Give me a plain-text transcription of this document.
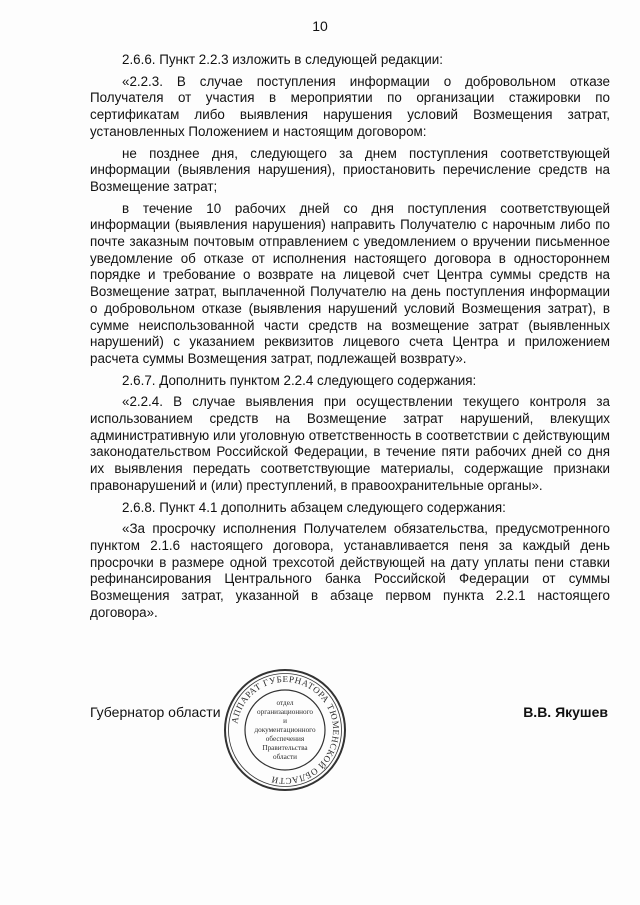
10

2.6.6. Пункт 2.2.3 изложить в следующей редакции:

«2.2.3. В случае поступления информации о добровольном отказе Получателя от участия в мероприятии по организации стажировки по сертификатам либо выявления нарушения условий Возмещения затрат, установленных Положением и настоящим договором:

не позднее дня, следующего за днем поступления соответствующей информации (выявления нарушения), приостановить перечисление средств на Возмещение затрат;

в течение 10 рабочих дней со дня поступления соответствующей информации (выявления нарушения) направить Получателю с нарочным либо по почте заказным почтовым отправлением с уведомлением о вручении письменное уведомление об отказе от исполнения настоящего договора в одностороннем порядке и требование о возврате на лицевой счет Центра суммы средств на Возмещение затрат, выплаченной Получателю на день поступления информации о добровольном отказе (выявления нарушений условий Возмещения затрат), в сумме неиспользованной части средств на возмещение затрат (выявленных нарушений) с указанием реквизитов лицевого счета Центра и приложением расчета суммы Возмещения затрат, подлежащей возврату».

2.6.7. Дополнить пунктом 2.2.4 следующего содержания:

«2.2.4. В случае выявления при осуществлении текущего контроля за использованием средств на Возмещение затрат нарушений, влекущих административную или уголовную ответственность в соответствии с действующим законодательством Российской Федерации, в течение пяти рабочих дней со дня их выявления передать соответствующие материалы, содержащие признаки правонарушений и (или) преступлений, в правоохранительные органы».

2.6.8. Пункт 4.1 дополнить абзацем следующего содержания:

«За просрочку исполнения Получателем обязательства, предусмотренного пунктом 2.1.6 настоящего договора, устанавливается пеня за каждый день просрочки в размере одной трехсотой действующей на дату уплаты пени ставки рефинансирования Центрального банка Российской Федерации от суммы Возмещения затрат, указанной в абзаце первом пункта 2.2.1 настоящего договора».

Губернатор области	В.В. Якушев
АППАРАТ ГУБЕРНАТОРА ТЮМЕНСКОЙ ОБЛАСТИ
отдел
организационного
и
документационного
обеспечения
Правительства
области
